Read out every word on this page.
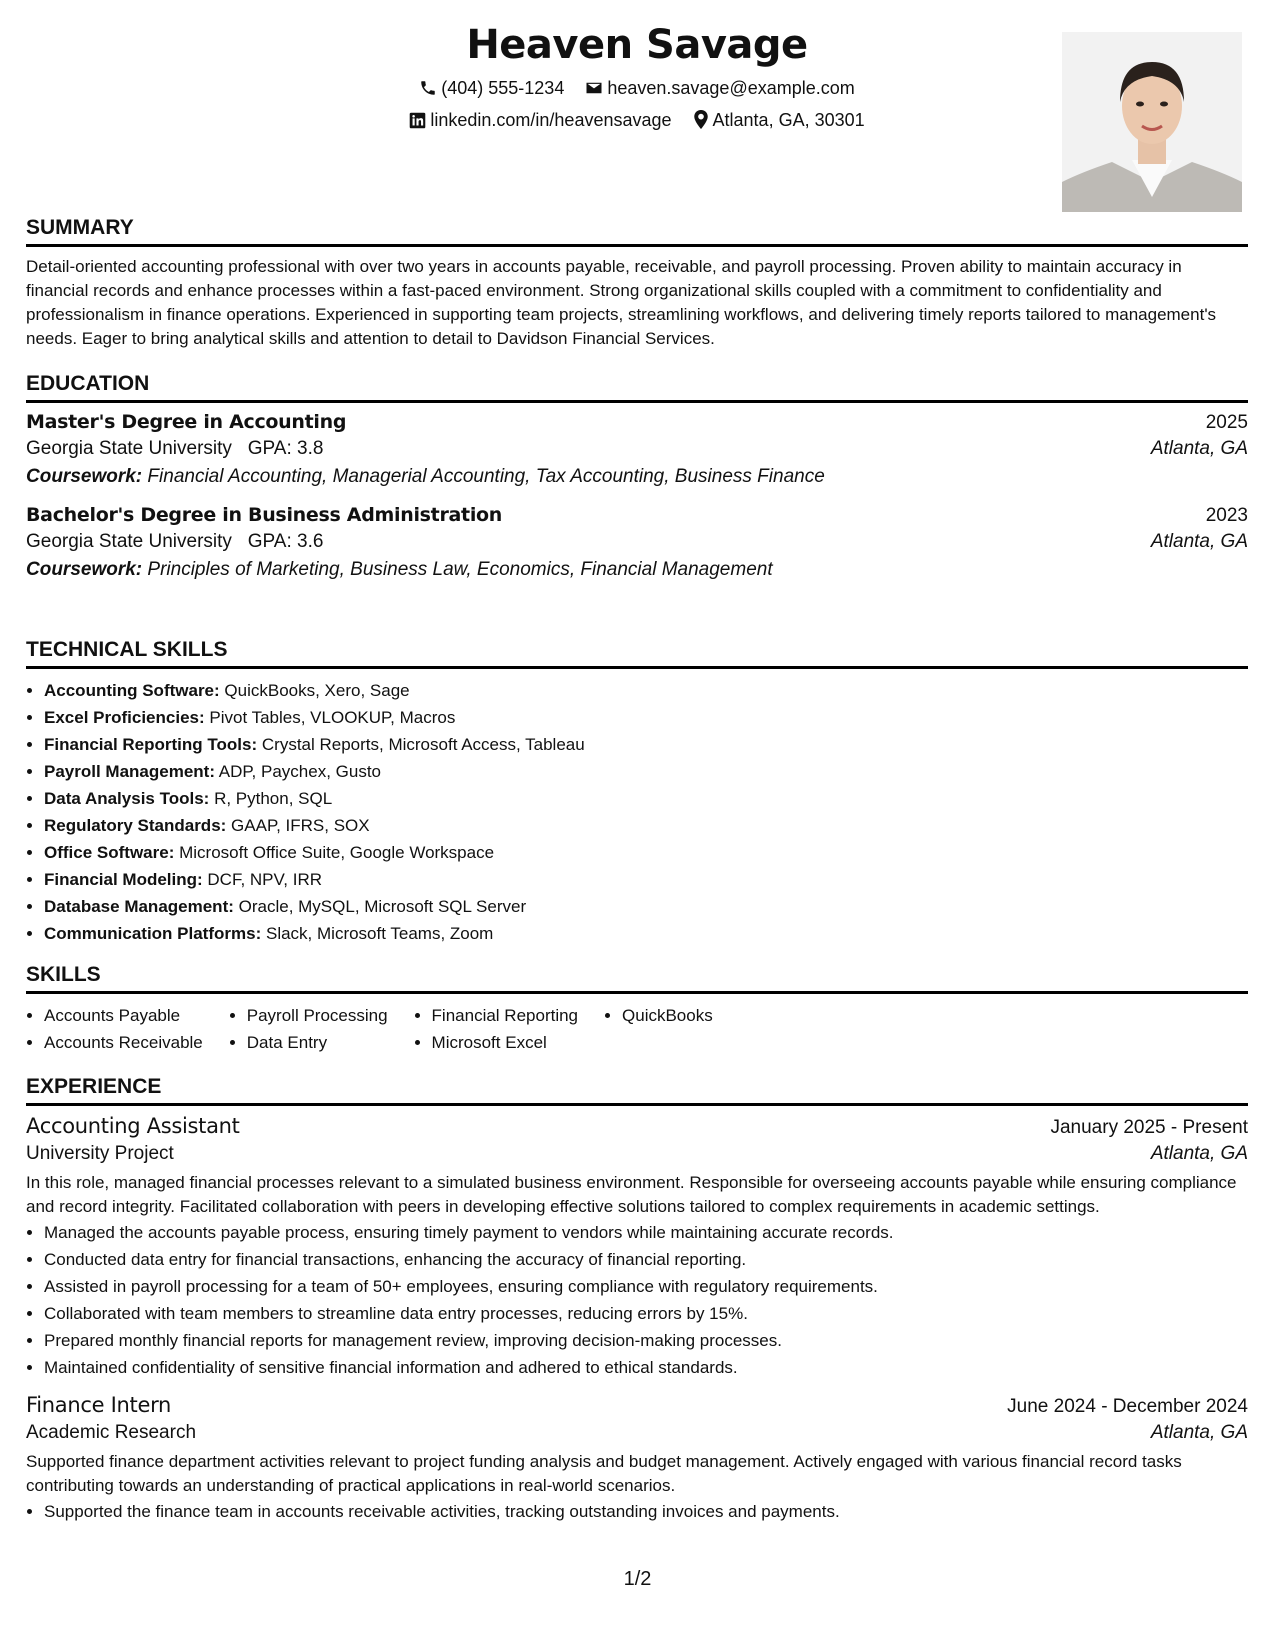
Heaven Savage
(404) 555-1234 heaven.savage@example.com
linkedin.com/in/heavensavage Atlanta, GA, 30301
SUMMARY
Detail-oriented accounting professional with over two years in accounts payable, receivable, and payroll processing. Proven ability to maintain accuracy in financial records and enhance processes within a fast-paced environment. Strong organizational skills coupled with a commitment to confidentiality and professionalism in finance operations. Experienced in supporting team projects, streamlining workflows, and delivering timely reports tailored to management's needs. Eager to bring analytical skills and attention to detail to Davidson Financial Services.
EDUCATION
Master's Degree in Accounting	2025
Georgia State University GPA: 3.8	Atlanta, GA
Coursework: Financial Accounting, Managerial Accounting, Tax Accounting, Business Finance
Bachelor's Degree in Business Administration	2023
Georgia State University GPA: 3.6	Atlanta, GA
Coursework: Principles of Marketing, Business Law, Economics, Financial Management
TECHNICAL SKILLS
• Accounting Software: QuickBooks, Xero, Sage
• Excel Proficiencies: Pivot Tables, VLOOKUP, Macros
• Financial Reporting Tools: Crystal Reports, Microsoft Access, Tableau
• Payroll Management: ADP, Paychex, Gusto
• Data Analysis Tools: R, Python, SQL
• Regulatory Standards: GAAP, IFRS, SOX
• Office Software: Microsoft Office Suite, Google Workspace
• Financial Modeling: DCF, NPV, IRR
• Database Management: Oracle, MySQL, Microsoft SQL Server
• Communication Platforms: Slack, Microsoft Teams, Zoom
SKILLS
• Accounts Payable
• Accounts Receivable
• Payroll Processing
• Data Entry
• Financial Reporting
• Microsoft Excel
• QuickBooks
EXPERIENCE
Accounting Assistant	January 2025 - Present
University Project	Atlanta, GA
In this role, managed financial processes relevant to a simulated business environment. Responsible for overseeing accounts payable while ensuring compliance and record integrity. Facilitated collaboration with peers in developing effective solutions tailored to complex requirements in academic settings.
• Managed the accounts payable process, ensuring timely payment to vendors while maintaining accurate records.
• Conducted data entry for financial transactions, enhancing the accuracy of financial reporting.
• Assisted in payroll processing for a team of 50+ employees, ensuring compliance with regulatory requirements.
• Collaborated with team members to streamline data entry processes, reducing errors by 15%.
• Prepared monthly financial reports for management review, improving decision-making processes.
• Maintained confidentiality of sensitive financial information and adhered to ethical standards.
Finance Intern	June 2024 - December 2024
Academic Research	Atlanta, GA
Supported finance department activities relevant to project funding analysis and budget management. Actively engaged with various financial record tasks contributing towards an understanding of practical applications in real-world scenarios.
• Supported the finance team in accounts receivable activities, tracking outstanding invoices and payments.
1/2
